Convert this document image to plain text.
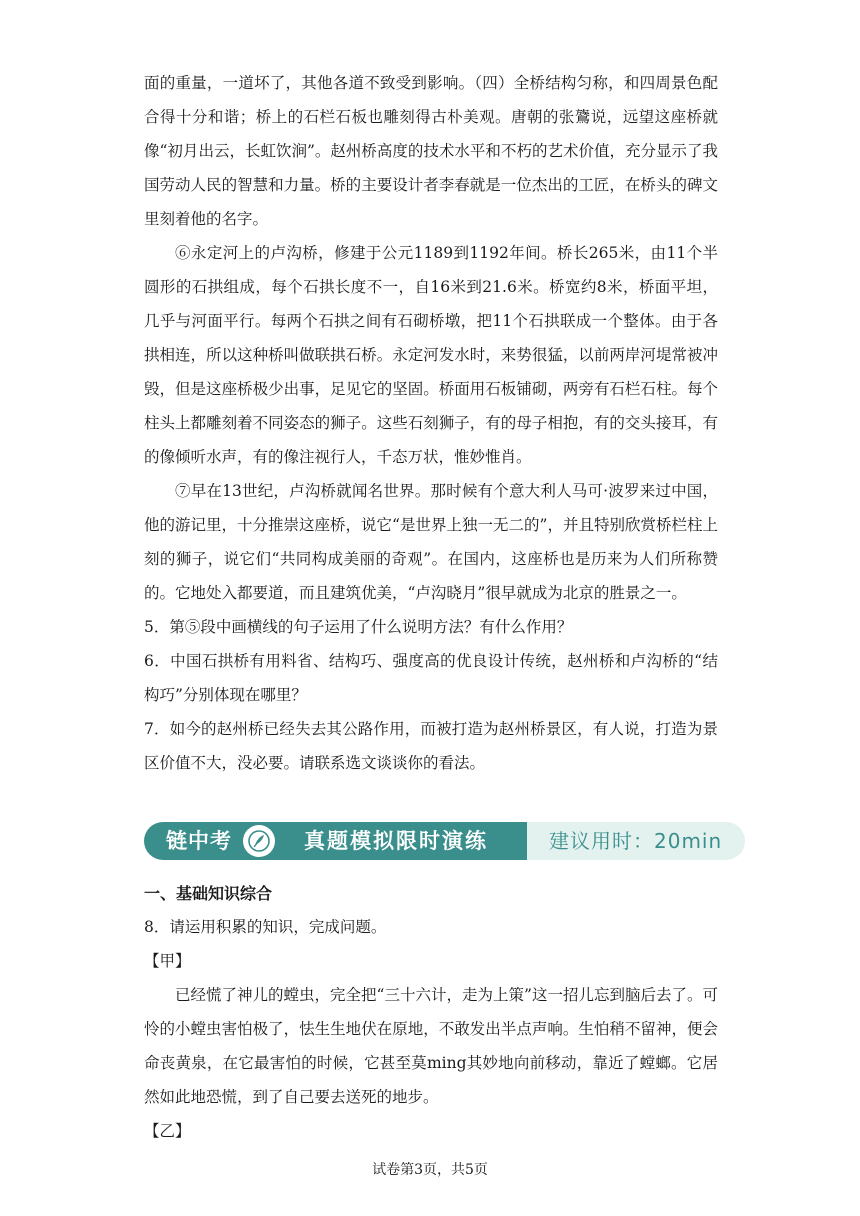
面的重量，一道坏了，其他各道不致受到影响。（四）全桥结构匀称，和四周景色配合得十分和谐；桥上的石栏石板也雕刻得古朴美观。唐朝的张鷟说，远望这座桥就像“初月出云，长虹饮涧”。赵州桥高度的技术水平和不朽的艺术价值，充分显示了我国劳动人民的智慧和力量。桥的主要设计者李春就是一位杰出的工匠，在桥头的碑文里刻着他的名字。

⑥永定河上的卢沟桥，修建于公元1189到1192年间。桥长265米，由11个半圆形的石拱组成，每个石拱长度不一，自16米到21.6米。桥宽约8米，桥面平坦，几乎与河面平行。每两个石拱之间有石砌桥墩，把11个石拱联成一个整体。由于各拱相连，所以这种桥叫做联拱石桥。永定河发水时，来势很猛，以前两岸河堤常被冲毁，但是这座桥极少出事，足见它的坚固。桥面用石板铺砌，两旁有石栏石柱。每个柱头上都雕刻着不同姿态的狮子。这些石刻狮子，有的母子相抱，有的交头接耳，有的像倾听水声，有的像注视行人，千态万状，惟妙惟肖。

⑦早在13世纪，卢沟桥就闻名世界。那时候有个意大利人马可·波罗来过中国，他的游记里，十分推崇这座桥，说它“是世界上独一无二的”，并且特别欣赏桥栏柱上刻的狮子，说它们“共同构成美丽的奇观”。在国内，这座桥也是历来为人们所称赞的。它地处入都要道，而且建筑优美，“卢沟晓月”很早就成为北京的胜景之一。

5．第⑤段中画横线的句子运用了什么说明方法？有什么作用？

6．中国石拱桥有用料省、结构巧、强度高的优良设计传统，赵州桥和卢沟桥的“结构巧”分别体现在哪里？

7．如今的赵州桥已经失去其公路作用，而被打造为赵州桥景区，有人说，打造为景区价值不大，没必要。请联系选文谈谈你的看法。

链中考	真题模拟限时演练	建议用时：20min
一、基础知识综合

8．请运用积累的知识，完成问题。

【甲】

已经慌了神儿的螳虫，完全把“三十六计，走为上策”这一招儿忘到脑后去了。可怜的小螳虫害怕极了，怯生生地伏在原地，不敢发出半点声响。生怕稍不留神，便会命丧黄泉，在它最害怕的时候，它甚至莫ming其妙地向前移动，靠近了螳螂。它居然如此地恐慌，到了自己要去送死的地步。

【乙】

试卷第3页，共5页
